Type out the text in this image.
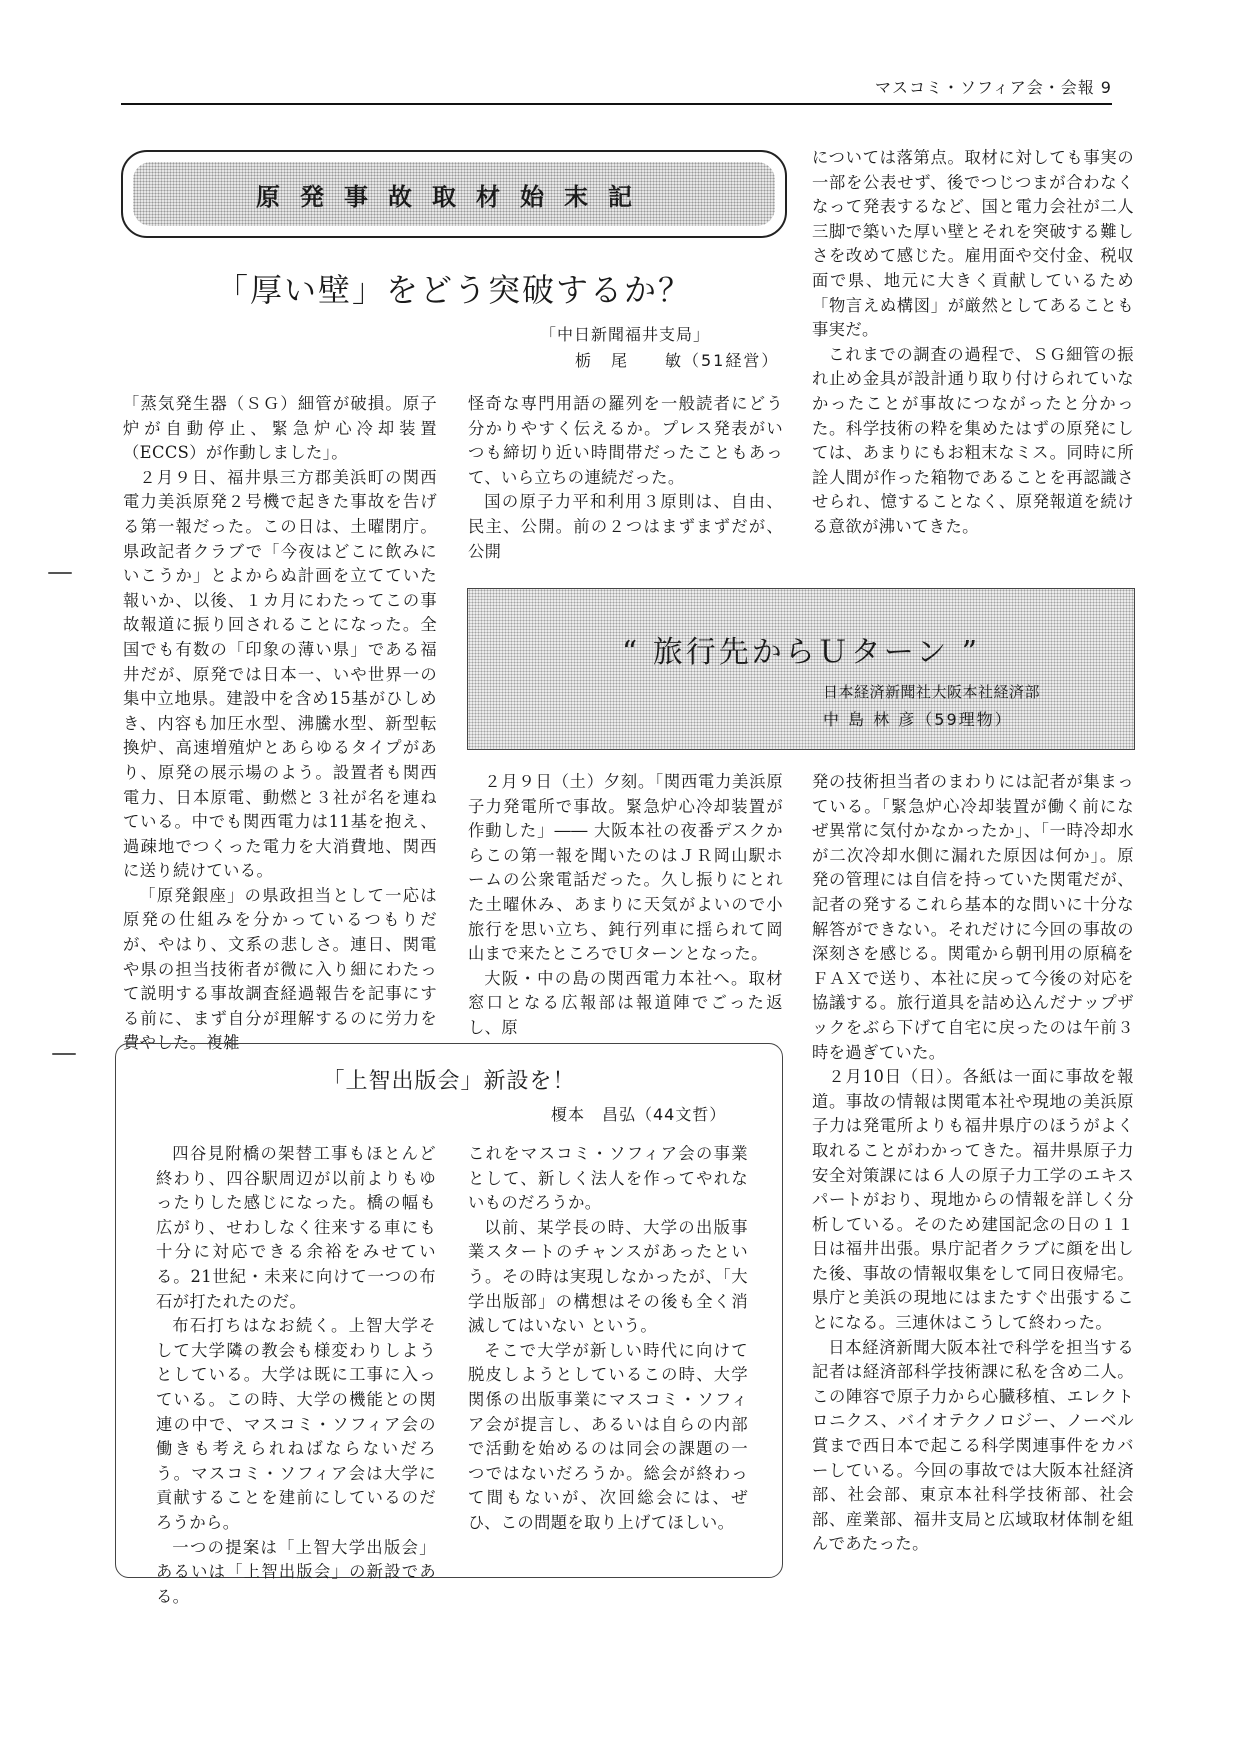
マスコミ・ソフィア会・会報 9
原発事故取材始末記
「厚い壁」をどう突破するか？
「中日新聞福井支局」
栃　尾　　敏（51経営）

「蒸気発生器（ＳＧ）細管が破損。原子炉が自動停止、緊急炉心冷却装置（ECCS）が作動しました」。

２月９日、福井県三方郡美浜町の関西電力美浜原発２号機で起きた事故を告げる第一報だった。この日は、土曜閉庁。県政記者クラブで「今夜はどこに飲みにいこうか」とよからぬ計画を立てていた報いか、以後、１カ月にわたってこの事故報道に振り回されることになった。全国でも有数の「印象の薄い県」である福井だが、原発では日本一、いや世界一の集中立地県。建設中を含め15基がひしめき、内容も加圧水型、沸騰水型、新型転換炉、高速増殖炉とあらゆるタイプがあり、原発の展示場のよう。設置者も関西電力、日本原電、動燃と３社が名を連ねている。中でも関西電力は11基を抱え、過疎地でつくった電力を大消費地、関西に送り続けている。

「原発銀座」の県政担当として一応は原発の仕組みを分かっているつもりだが、やはり、文系の悲しさ。連日、関電や県の担当技術者が微に入り細にわたって説明する事故調査経過報告を記事にする前に、まず自分が理解するのに労力を費やした。複雑

怪奇な専門用語の羅列を一般読者にどう分かりやすく伝えるか。プレス発表がいつも締切り近い時間帯だったこともあって、いら立ちの連続だった。

国の原子力平和利用３原則は、自由、民主、公開。前の２つはまずまずだが、公開

については落第点。取材に対しても事実の一部を公表せず、後でつじつまが合わなくなって発表するなど、国と電力会社が二人三脚で築いた厚い壁とそれを突破する難しさを改めて感じた。雇用面や交付金、税収面で県、地元に大きく貢献しているため「物言えぬ構図」が厳然としてあることも事実だ。

これまでの調査の過程で、ＳＧ細管の振れ止め金具が設計通り取り付けられていなかったことが事故につながったと分かった。科学技術の粋を集めたはずの原発にしては、あまりにもお粗末なミス。同時に所詮人間が作った箱物であることを再認識させられ、憶することなく、原発報道を続ける意欲が沸いてきた。

“ 旅行先からＵターン ”
日本経済新聞社大阪本社経済部
中 島 林 彦（59理物）

２月９日（土）夕刻。「関西電力美浜原子力発電所で事故。緊急炉心冷却装置が作動した」―― 大阪本社の夜番デスクからこの第一報を聞いたのはＪＲ岡山駅ホームの公衆電話だった。久し振りにとれた土曜休み、あまりに天気がよいので小旅行を思い立ち、鈍行列車に揺られて岡山まで来たところでＵターンとなった。

大阪・中の島の関西電力本社へ。取材窓口となる広報部は報道陣でごった返し、原

発の技術担当者のまわりには記者が集まっている。「緊急炉心冷却装置が働く前になぜ異常に気付かなかったか」、「一時冷却水が二次冷却水側に漏れた原因は何か」。原発の管理には自信を持っていた関電だが、記者の発するこれら基本的な問いに十分な解答ができない。それだけに今回の事故の深刻さを感じる。関電から朝刊用の原稿をＦＡＸで送り、本社に戻って今後の対応を協議する。旅行道具を詰め込んだナップザックをぶら下げて自宅に戻ったのは午前３時を過ぎていた。

２月10日（日）。各紙は一面に事故を報道。事故の情報は関電本社や現地の美浜原子力は発電所よりも福井県庁のほうがよく取れることがわかってきた。福井県原子力安全対策課には６人の原子力工学のエキスパートがおり、現地からの情報を詳しく分析している。そのため建国記念の日の１１日は福井出張。県庁記者クラブに顔を出した後、事故の情報収集をして同日夜帰宅。県庁と美浜の現地にはまたすぐ出張することになる。三連休はこうして終わった。

日本経済新聞大阪本社で科学を担当する記者は経済部科学技術課に私を含め二人。この陣容で原子力から心臓移植、エレクトロニクス、バイオテクノロジー、ノーベル賞まで西日本で起こる科学関連事件をカバーしている。今回の事故では大阪本社経済部、社会部、東京本社科学技術部、社会部、産業部、福井支局と広域取材体制を組んであたった。

「上智出版会」新設を！
榎本　昌弘（44文哲）

四谷見附橋の架替工事もほとんど終わり、四谷駅周辺が以前よりもゆったりした感じになった。橋の幅も広がり、せわしなく往来する車にも十分に対応できる余裕をみせている。21世紀・未来に向けて一つの布石が打たれたのだ。

布石打ちはなお続く。上智大学そして大学隣の教会も様変わりしようとしている。大学は既に工事に入っている。この時、大学の機能との関連の中で、マスコミ・ソフィア会の働きも考えられねばならないだろう。マスコミ・ソフィア会は大学に貢献することを建前にしているのだろうから。

一つの提案は「上智大学出版会」あるいは「上智出版会」の新設である。

これをマスコミ・ソフィア会の事業として、新しく法人を作ってやれないものだろうか。

以前、某学長の時、大学の出版事業スタートのチャンスがあったという。その時は実現しなかったが、「大学出版部」の構想はその後も全く消滅してはいない という。

そこで大学が新しい時代に向けて脱皮しようとしているこの時、大学関係の出版事業にマスコミ・ソフィア会が提言し、あるいは自らの内部で活動を始めるのは同会の課題の一つではないだろうか。総会が終わって間もないが、次回総会には、ぜひ、この問題を取り上げてほしい。
